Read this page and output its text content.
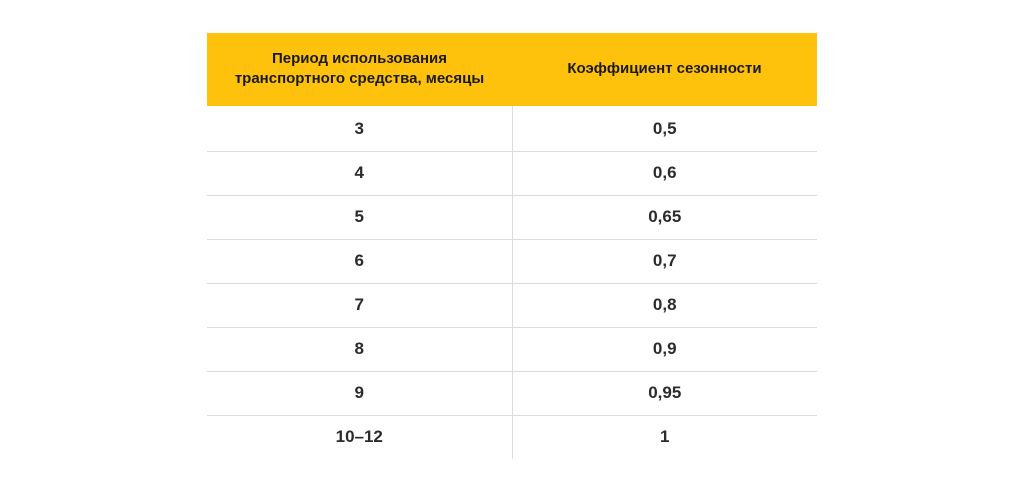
Период использования
транспортного средства, месяцы	Коэффициент сезонности
3	0,5
4	0,6
5	0,65
6	0,7
7	0,8
8	0,9
9	0,95
10–12	1
